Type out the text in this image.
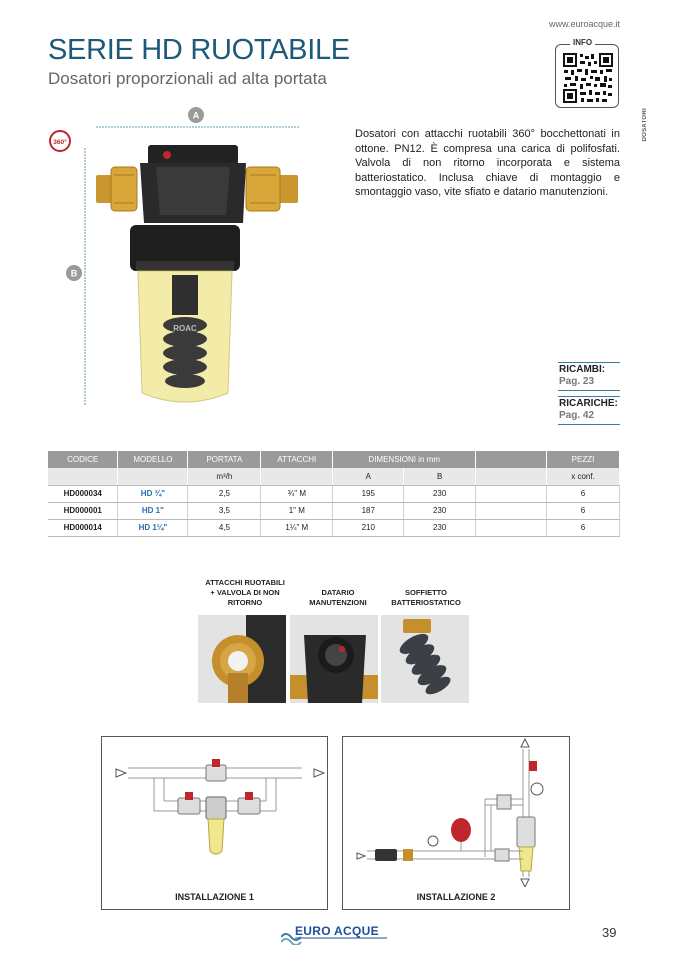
www.euroacque.it
SERIE HD RUOTABILE
Dosatori proporzionali ad alta portata
INFO
DOSATORI
A
B
360°
ROAC
Dosatori con attacchi ruotabili 360° bocchettonati in ottone. PN12. È compresa una carica di polifosfati. Valvola di non ritorno incorporata e sistema batteriostatico. Inclusa chiave di montaggio e smontaggio vaso, vite sfiato e datario manutenzioni.
RICAMBI:
Pag. 23
RICARICHE:
Pag. 42
CODICE	MODELLO	PORTATA	ATTACCHI	DIMENSIONI in mm			PEZZI
		m³/h		A	B		x conf.
HD000034	HD ¾"	2,5	¾" M	195	230		6
HD000001	HD 1"	3,5	1" M	187	230		6
HD000014	HD 1¼"	4,5	1¼" M	210	230		6
ATTACCHI RUOTABILI
+ VALVOLA DI NON
RITORNO
DATARIO
MANUTENZIONI
SOFFIETTO
BATTERIOSTATICO
INSTALLAZIONE 1	INSTALLAZIONE 2
EURO ACQUE	39
